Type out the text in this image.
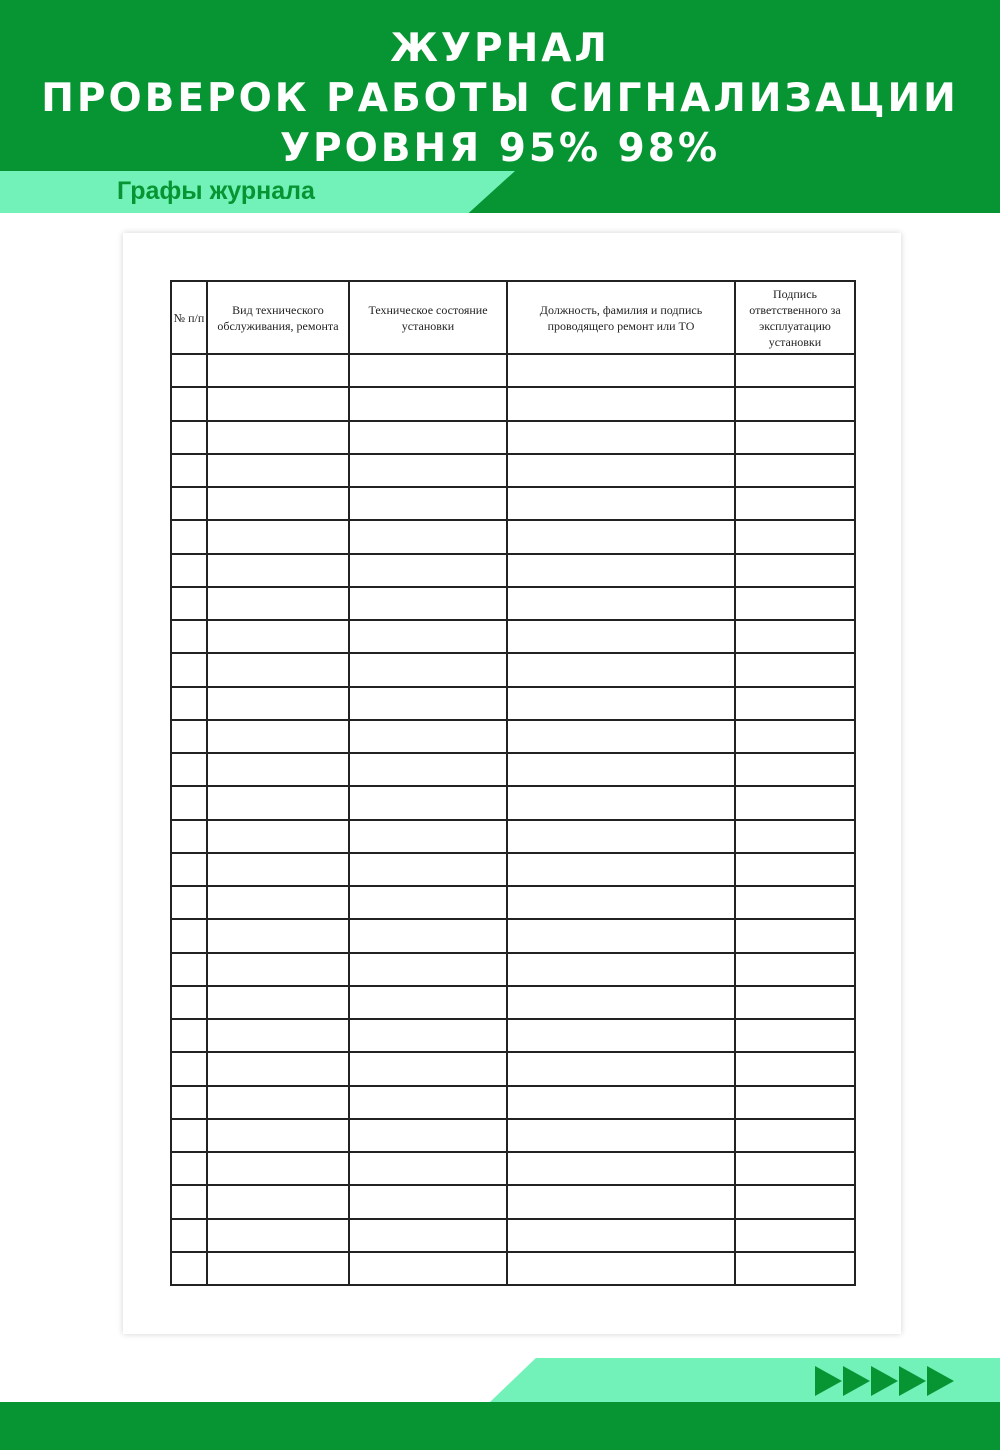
ЖУРНАЛ
ПРОВЕРОК РАБОТЫ СИГНАЛИЗАЦИИ
УРОВНЯ 95% 98%
Графы журнала
№ п/п	Вид технического обслуживания, ремонта	Техническое состояние установки	Должность, фамилия и подпись проводящего ремонт или ТО	Подпись ответственного за эксплуатацию установки
